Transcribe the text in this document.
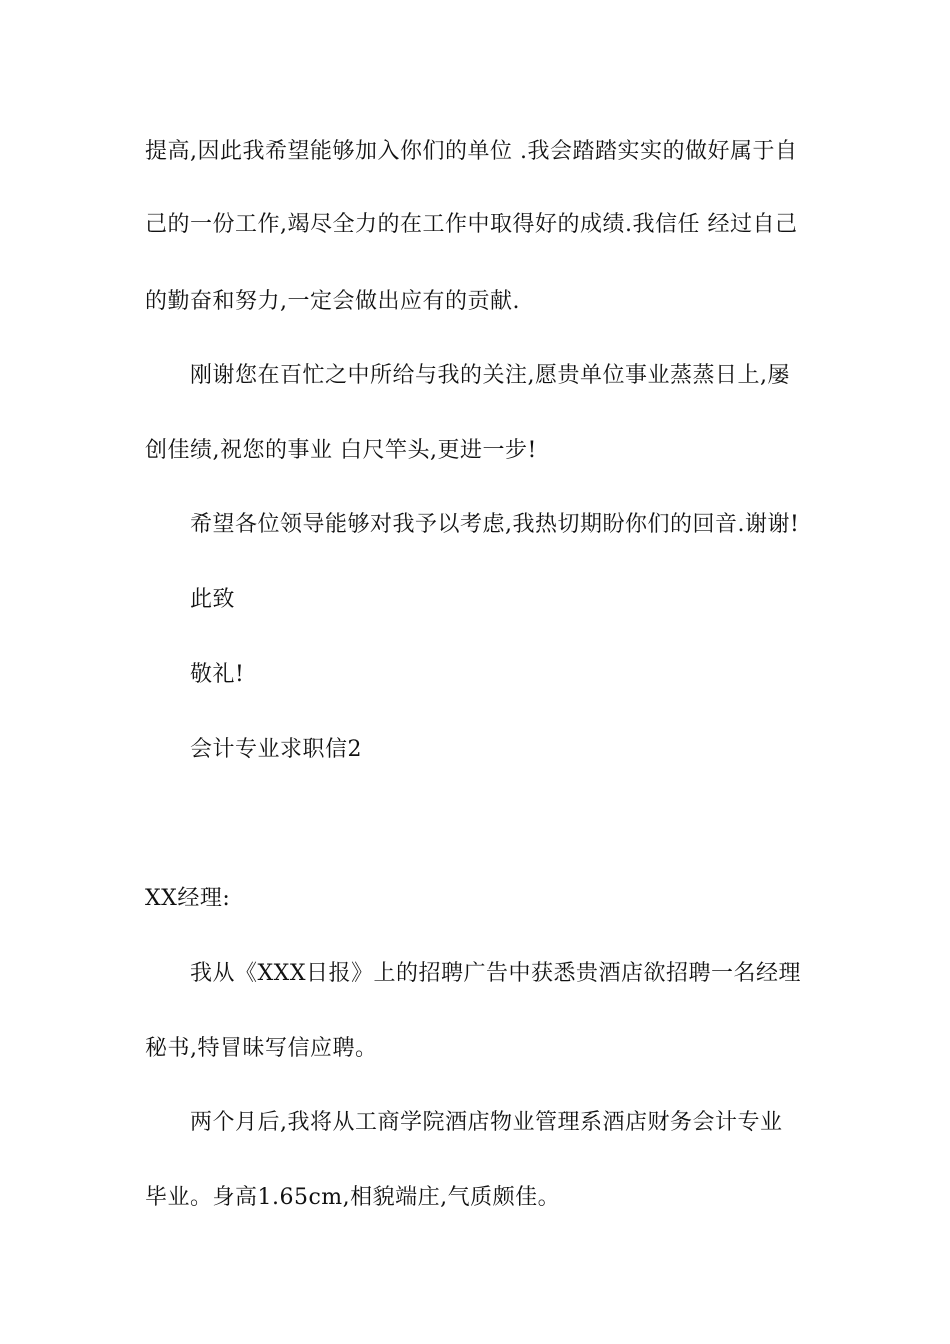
提高,因此我希望能够加入你们的单位 .我会踏踏实实的做好属于自
己的一份工作,竭尽全力的在工作中取得好的成绩.我信任 经过自己
的勤奋和努力,一定会做出应有的贡献.
刚谢您在百忙之中所给与我的关注,愿贵单位事业蒸蒸日上,屡
创佳绩,祝您的事业 白尺竿头,更进一步!
希望各位领导能够对我予以考虑,我热切期盼你们的回音.谢谢!
此致
敬礼!
会计专业求职信2
XX经理:
我从《XXX日报》上的招聘广告中获悉贵酒店欲招聘一名经理
秘书,特冒昧写信应聘。
两个月后,我将从工商学院酒店物业管理系酒店财务会计专业
毕业。身高1.65cm,相貌端庄,气质颇佳。
